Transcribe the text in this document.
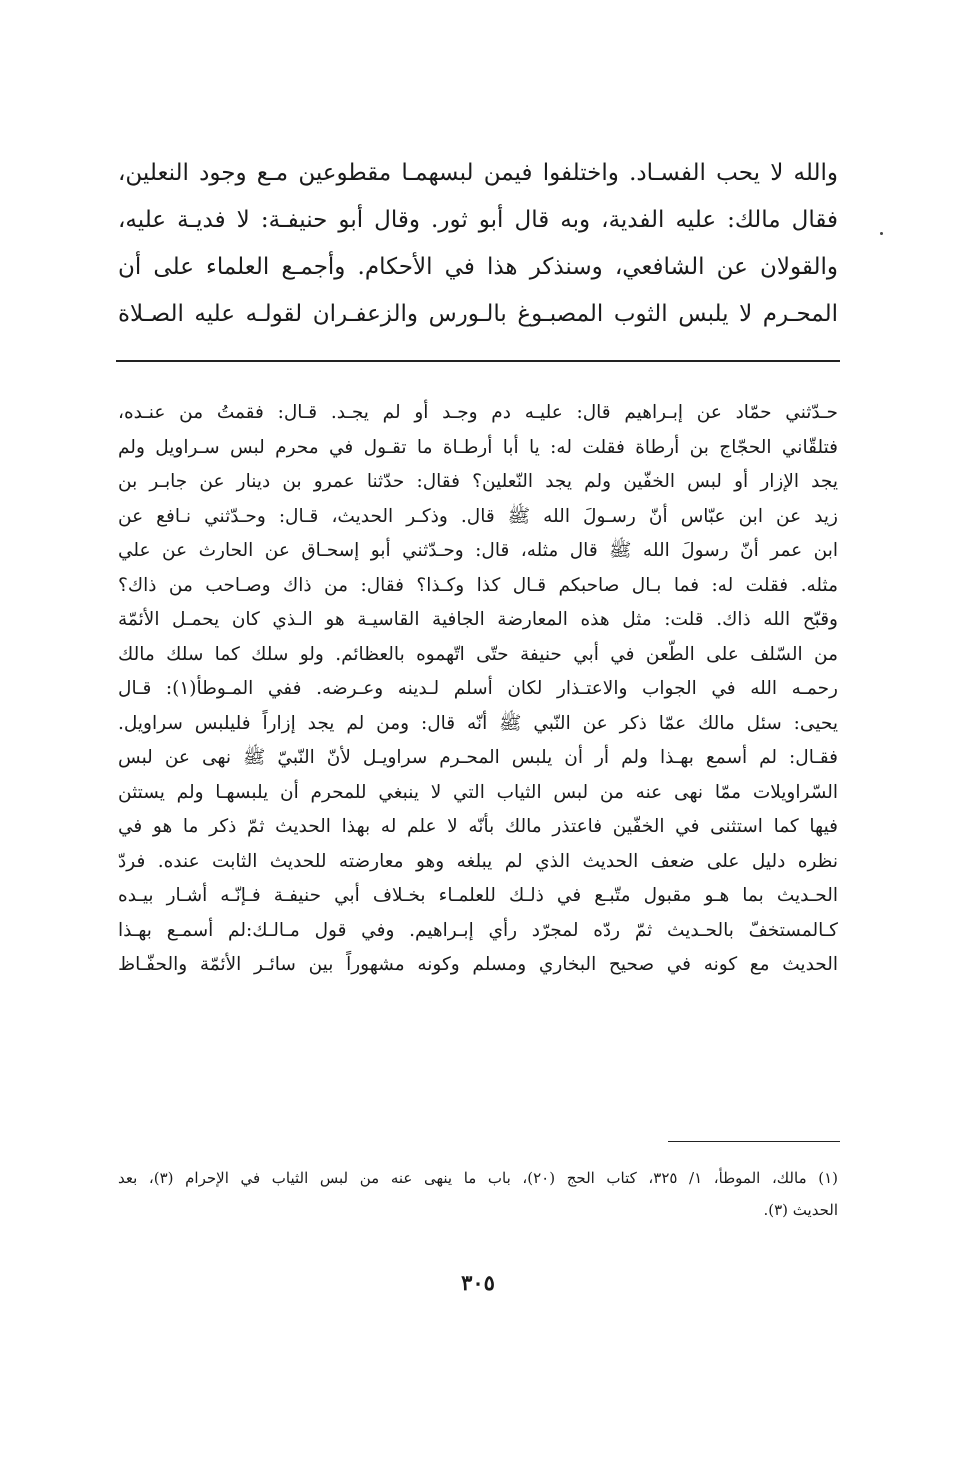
والله لا يحب الفسـاد. واختلفوا فيمن لبسهمـا مقطوعين مـع وجود النعلين،
فقال مالك: عليه الفدية، وبه قال أبو ثور. وقال أبو حنيفـة: لا فديـة عليه،
والقولان عن الشافعي، وسنذكر هذا في الأحكام. وأجمـع العلماء على أن
المحـرم لا يلبس الثوب المصبـوغ بالـورس والزعفـران لقولـه عليه الصـلاة
حـدّثني حمّاد عن إبـراهيم قال: عليـه دم وجـد أو لم يجـد. قـال: فقمتُ من عنـده،
فتلقّاني الحجّاج بن أرطاة فقلت له: يا أبا أرطـاة ما تقـول في محرم لبس سـراويل ولم
يجد الإزار أو لبس الخفّين ولم يجد النّعلين؟ فقال: حدّثنا عمرو بن دينار عن جابـر بن
زيد عن ابن عبّاس أنّ رسـولَ الله ﷺ قال. وذكـر الحديث، قـال: وحـدّثني نـافع عن
ابن عمر أنّ رسولَ الله ﷺ قال مثله، قال: وحـدّثني أبو إسحـاق عن الحارث عن علي
مثله. فقلت له: فما بـال صاحبكم قـال كذا وكـذا؟ فقال: من ذاك وصـاحب من ذاك؟
وقبّح الله ذاك. قلت: مثل هذه المعارضة الجافية القاسيـة هو الـذي كان يحمـل الأئمّة
من السّلف على الطّعن في أبي حنيفة حتّى اتّهموه بالعظائم. ولو سلك كما سلك مالك
رحمـه الله في الجواب والاعتـذار لكان أسلم لـدينه وعـرضه. ففي المـوطأ(١): قـال
يحيى: سئل مالك عمّا ذكر عن النّبي ﷺ أنّه قال: ومن لم يجد إزاراً فليلبس سراويل.
فقـال: لم أسمع بهـذا ولم أر أن يلبس المحـرم سراويـل لأنّ النّبيّ ﷺ نهى عن لبس
السّراويلات ممّا نهى عنه من لبس الثياب التي لا ينبغي للمحرم أن يلبسهـا ولم يستثن
فيها كما استثنى في الخفّين فاعتذر مالك بأنّه لا علم له بهذا الحديث ثمّ ذكر ما هو في
نظره دليل على ضعف الحديث الذي لم يبلغه وهو معارضته للحديث الثابت عنده. فردّ
الحـديث بما هـو مقبول متّبـع في ذلـك للعلمـاء بخـلاف أبي حنيفـة فـإنّـه أشـار بيـده
كـالمستخفّ بالحـديث ثمّ ردّه لمجرّد رأي إبـراهيم. وفي قول مـالـك:لم أسمـع بهـذا
الحديث مع كونه في صحيح البخاري ومسلم وكونه مشهوراً بين سائـر الأئمّة والحفّـاظ
(١) مالك، الموطأ، ١/ ٣٢٥، كتاب الحج (٢٠)، باب ما ينهى عنه من لبس الثياب في الإحرام (٣)، بعد
الحديث (٣).
٣٠٥
